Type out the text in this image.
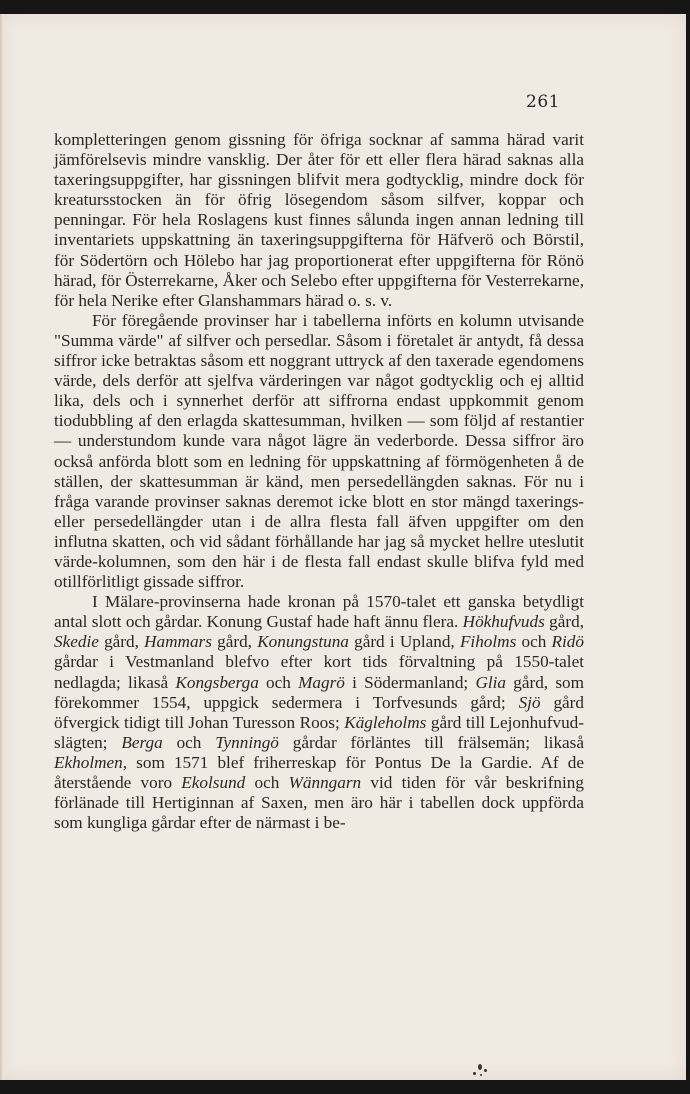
261

kompletteringen genom gissning för öfriga socknar af samma härad varit jämförelsevis mindre vansklig. Der åter för ett eller flera härad saknas alla taxeringsuppgifter, har gissningen blifvit mera godtycklig, mindre dock för kreatursstocken än för öfrig lösegendom såsom silfver, koppar och penningar. För hela Roslagens kust finnes sålunda ingen annan ledning till inventariets uppskattning än taxeringsuppgifterna för Häfverö och Börstil, för Södertörn och Hölebo har jag proportionerat efter uppgifterna för Rönö härad, för Österrekarne, Åker och Selebo efter uppgifterna för Vesterrekarne, för hela Nerike efter Glanshammars härad o. s. v.

För föregående provinser har i tabellerna införts en kolumn utvisande "Summa värde" af silfver och persedlar. Såsom i företalet är antydt, få dessa siffror icke betraktas såsom ett noggrant uttryck af den taxerade egendomens värde, dels derför att sjelfva värderingen var något godtycklig och ej alltid lika, dels och i synnerhet derför att siffrorna endast uppkommit genom tiodubbling af den erlagda skattesumman, hvilken — som följd af restantier — understundom kunde vara något lägre än vederborde. Dessa siffror äro också anförda blott som en ledning för uppskattning af förmögenheten å de ställen, der skattesumman är känd, men persedellängden saknas. För nu i fråga varande provinser saknas deremot icke blott en stor mängd taxerings- eller persedellängder utan i de allra flesta fall äfven uppgifter om den influtna skatten, och vid sådant förhållande har jag så mycket hellre uteslutit värde-kolumnen, som den här i de flesta fall endast skulle blifva fyld med otillförlitligt gissade siffror.

I Mälare-provinserna hade kronan på 1570-talet ett ganska betydligt antal slott och gårdar. Konung Gustaf hade haft ännu flera. Hökhufvuds gård, Skedie gård, Hammars gård, Konungstuna gård i Upland, Fiholms och Ridö gårdar i Vestmanland blefvo efter kort tids förvaltning på 1550-talet nedlagda; likaså Kongsberga och Magrö i Södermanland; Glia gård, som förekommer 1554, uppgick sedermera i Torfvesunds gård; Sjö gård öfvergick tidigt till Johan Turesson Roos; Kägleholms gård till Lejonhufvud-slägten; Berga och Tynningö gårdar förläntes till frälsemän; likaså Ekholmen, som 1571 blef friherreskap för Pontus De la Gardie. Af de återstående voro Ekolsund och Wänngarn vid tiden för vår beskrifning förlänade till Hertiginnan af Saxen, men äro här i tabellen dock uppförda som kungliga gårdar efter de närmast i be-
